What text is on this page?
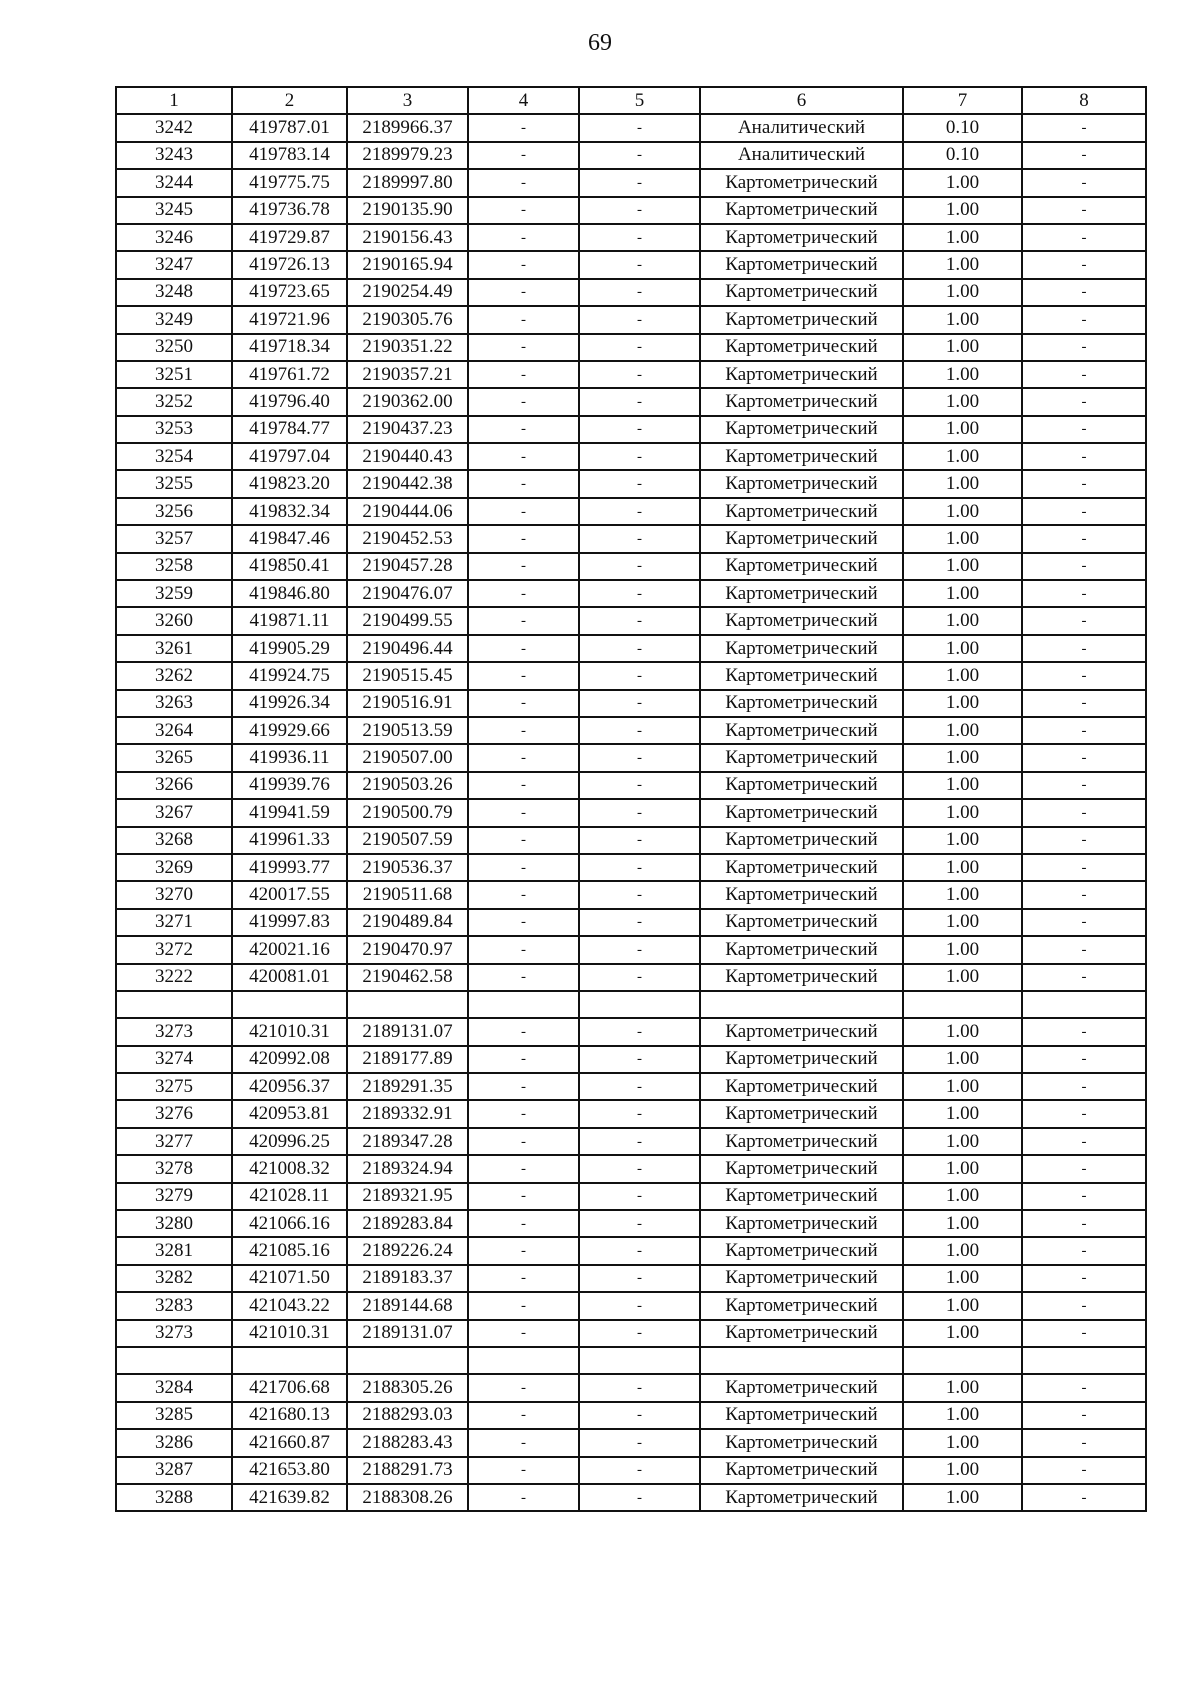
69
1	2	3	4	5	6	7	8
3242	419787.01	2189966.37	-	-	Аналитический	0.10	-
3243	419783.14	2189979.23	-	-	Аналитический	0.10	-
3244	419775.75	2189997.80	-	-	Картометрический	1.00	-
3245	419736.78	2190135.90	-	-	Картометрический	1.00	-
3246	419729.87	2190156.43	-	-	Картометрический	1.00	-
3247	419726.13	2190165.94	-	-	Картометрический	1.00	-
3248	419723.65	2190254.49	-	-	Картометрический	1.00	-
3249	419721.96	2190305.76	-	-	Картометрический	1.00	-
3250	419718.34	2190351.22	-	-	Картометрический	1.00	-
3251	419761.72	2190357.21	-	-	Картометрический	1.00	-
3252	419796.40	2190362.00	-	-	Картометрический	1.00	-
3253	419784.77	2190437.23	-	-	Картометрический	1.00	-
3254	419797.04	2190440.43	-	-	Картометрический	1.00	-
3255	419823.20	2190442.38	-	-	Картометрический	1.00	-
3256	419832.34	2190444.06	-	-	Картометрический	1.00	-
3257	419847.46	2190452.53	-	-	Картометрический	1.00	-
3258	419850.41	2190457.28	-	-	Картометрический	1.00	-
3259	419846.80	2190476.07	-	-	Картометрический	1.00	-
3260	419871.11	2190499.55	-	-	Картометрический	1.00	-
3261	419905.29	2190496.44	-	-	Картометрический	1.00	-
3262	419924.75	2190515.45	-	-	Картометрический	1.00	-
3263	419926.34	2190516.91	-	-	Картометрический	1.00	-
3264	419929.66	2190513.59	-	-	Картометрический	1.00	-
3265	419936.11	2190507.00	-	-	Картометрический	1.00	-
3266	419939.76	2190503.26	-	-	Картометрический	1.00	-
3267	419941.59	2190500.79	-	-	Картометрический	1.00	-
3268	419961.33	2190507.59	-	-	Картометрический	1.00	-
3269	419993.77	2190536.37	-	-	Картометрический	1.00	-
3270	420017.55	2190511.68	-	-	Картометрический	1.00	-
3271	419997.83	2190489.84	-	-	Картометрический	1.00	-
3272	420021.16	2190470.97	-	-	Картометрический	1.00	-
3222	420081.01	2190462.58	-	-	Картометрический	1.00	-

3273	421010.31	2189131.07	-	-	Картометрический	1.00	-
3274	420992.08	2189177.89	-	-	Картометрический	1.00	-
3275	420956.37	2189291.35	-	-	Картометрический	1.00	-
3276	420953.81	2189332.91	-	-	Картометрический	1.00	-
3277	420996.25	2189347.28	-	-	Картометрический	1.00	-
3278	421008.32	2189324.94	-	-	Картометрический	1.00	-
3279	421028.11	2189321.95	-	-	Картометрический	1.00	-
3280	421066.16	2189283.84	-	-	Картометрический	1.00	-
3281	421085.16	2189226.24	-	-	Картометрический	1.00	-
3282	421071.50	2189183.37	-	-	Картометрический	1.00	-
3283	421043.22	2189144.68	-	-	Картометрический	1.00	-
3273	421010.31	2189131.07	-	-	Картометрический	1.00	-

3284	421706.68	2188305.26	-	-	Картометрический	1.00	-
3285	421680.13	2188293.03	-	-	Картометрический	1.00	-
3286	421660.87	2188283.43	-	-	Картометрический	1.00	-
3287	421653.80	2188291.73	-	-	Картометрический	1.00	-
3288	421639.82	2188308.26	-	-	Картометрический	1.00	-
